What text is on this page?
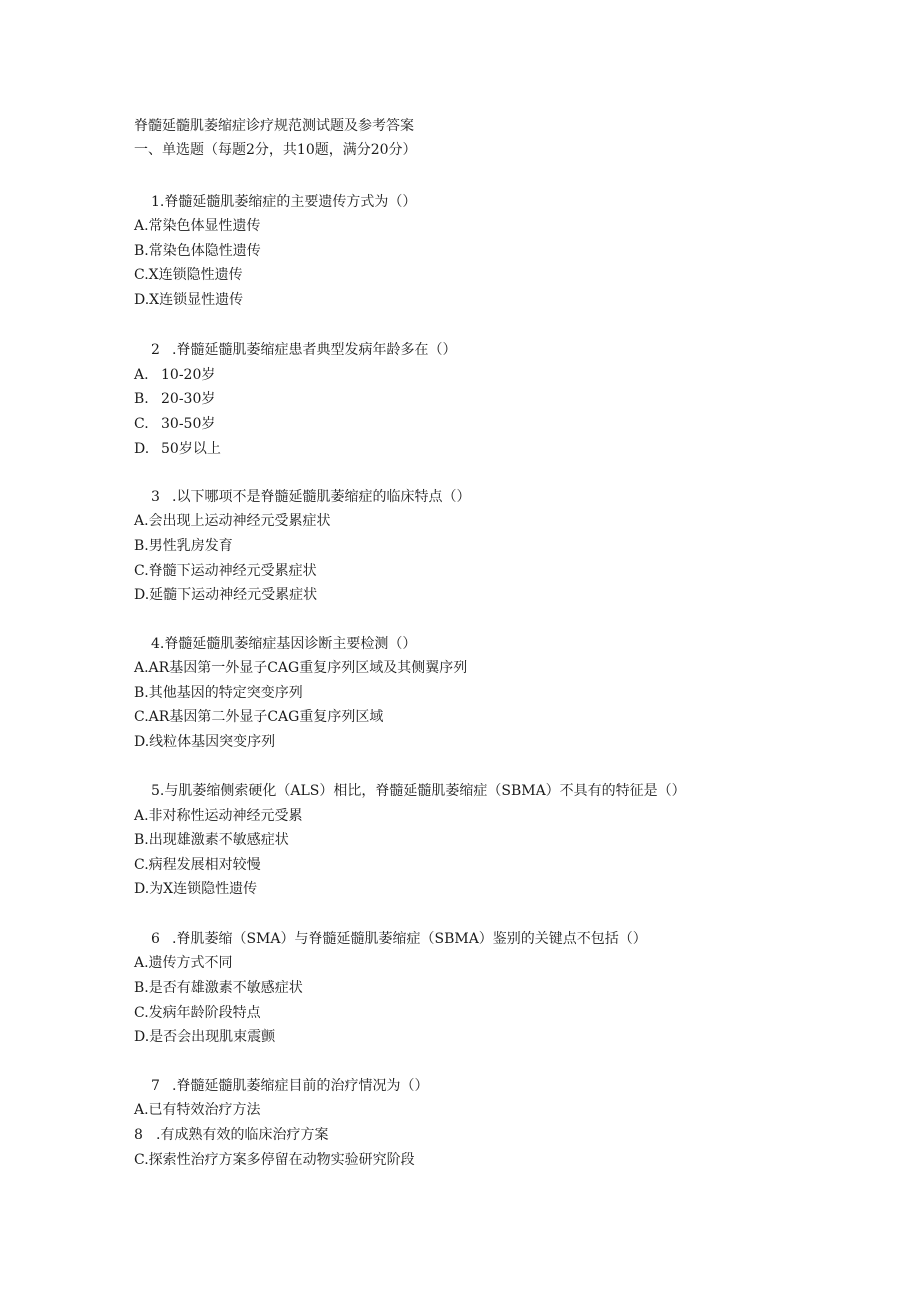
脊髓延髓肌萎缩症诊疗规范测试题及参考答案
一、单选题（每题2分，共10题，满分20分）
1.脊髓延髓肌萎缩症的主要遗传方式为（）
A.常染色体显性遗传
B.常染色体隐性遗传
C.X连锁隐性遗传
D.X连锁显性遗传
2 .脊髓延髓肌萎缩症患者典型发病年龄多在（）
A. 10-20岁
B. 20-30岁
C. 30-50岁
D. 50岁以上
3 .以下哪项不是脊髓延髓肌萎缩症的临床特点（）
A.会出现上运动神经元受累症状
B.男性乳房发育
C.脊髓下运动神经元受累症状
D.延髓下运动神经元受累症状
4.脊髓延髓肌萎缩症基因诊断主要检测（）
A.AR基因第一外显子CAG重复序列区域及其侧翼序列
B.其他基因的特定突变序列
C.AR基因第二外显子CAG重复序列区域
D.线粒体基因突变序列
5.与肌萎缩侧索硬化（ALS）相比，脊髓延髓肌萎缩症（SBMA）不具有的特征是（）
A.非对称性运动神经元受累
B.出现雄激素不敏感症状
C.病程发展相对较慢
D.为X连锁隐性遗传
6 .脊肌萎缩（SMA）与脊髓延髓肌萎缩症（SBMA）鉴别的关键点不包括（）
A.遗传方式不同
B.是否有雄激素不敏感症状
C.发病年龄阶段特点
D.是否会出现肌束震颤
7 .脊髓延髓肌萎缩症目前的治疗情况为（）
A.已有特效治疗方法
8 .有成熟有效的临床治疗方案
C.探索性治疗方案多停留在动物实验研究阶段
